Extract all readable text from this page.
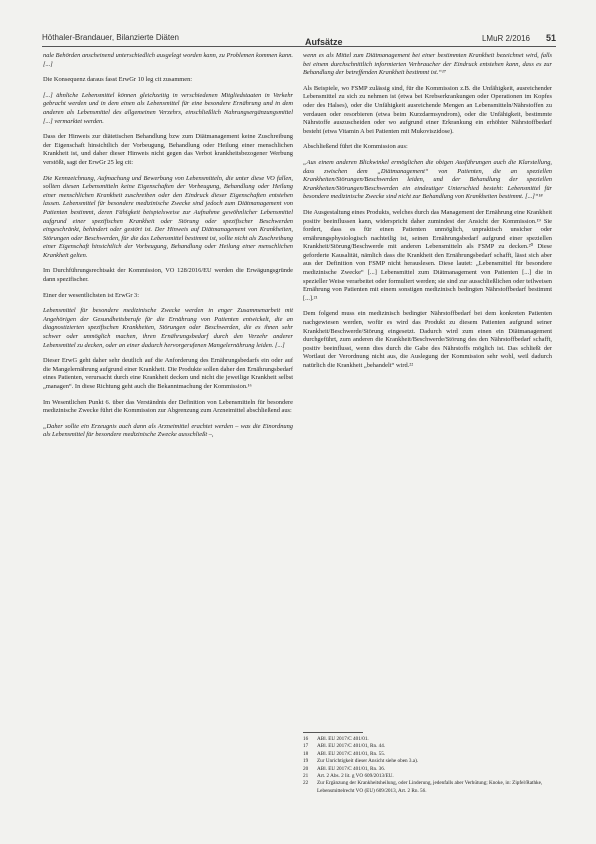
Höthaler-Brandauer, Bilanzierte Diäten	Aufsätze	LMuR 2/2016 51

nale Behörden anscheinend unterschiedlich ausgelegt worden kann, zu Problemen kommen kann. [...]

Die Konsequenz daraus fasst ErwGr 10 leg cit zusammen:

[...] ähnliche Lebensmittel können gleichzeitig in verschiedenen Mitgliedstaaten in Verkehr gebracht werden und in dem einen als Lebensmittel für eine besondere Ernährung und in dem anderen als Lebensmittel des allgemeinen Verzehrs, einschließlich Nahrungsergänzungsmittel [...] vermarktet werden.

Dass der Hinweis zur diätetischen Behandlung bzw zum Diätmanagement keine Zuschreibung der Eigenschaft hinsichtlich der Vorbeugung, Behandlung oder Heilung einer menschlichen Krankheit ist, und daher dieser Hinweis nicht gegen das Verbot krankheitsbezogener Werbung verstößt, sagt der ErwGr 25 leg cit:

Die Kennzeichnung, Aufmachung und Bewerbung von Lebensmitteln, die unter diese VO fallen, sollten diesen Lebensmitteln keine Eigenschaften der Vorbeugung, Behandlung oder Heilung einer menschlichen Krankheit zuschreiben oder den Eindruck dieser Eigenschaften entstehen lassen. Lebensmittel für besondere medizinische Zwecke sind jedoch zum Diätmanagement von Patienten bestimmt, deren Fähigkeit beispielsweise zur Aufnahme gewöhnlicher Lebensmittel aufgrund einer spezifischen Krankheit oder Störung oder spezifischer Beschwerden eingeschränkt, behindert oder gestört ist. Der Hinweis auf Diätmanagement von Krankheiten, Störungen oder Beschwerden, für die das Lebensmittel bestimmt ist, sollte nicht als Zuschreibung einer Eigenschaft hinsichtlich der Vorbeugung, Behandlung oder Heilung einer menschlichen Krankheit gelten.

Im Durchführungsrechtsakt der Kommission, VO 128/2016/EU werden die Erwägungsgründe dann spezifischer.

Einer der wesentlichsten ist ErwGr 3:

Lebensmittel für besondere medizinische Zwecke werden in enger Zusammenarbeit mit Angehörigen der Gesundheitsberufe für die Ernährung von Patienten entwickelt, die an diagnostizierten spezifischen Krankheiten, Störungen oder Beschwerden, die es ihnen sehr schwer oder unmöglich machen, ihren Ernährungsbedarf durch den Verzehr anderer Lebensmittel zu decken, oder an einer dadurch hervorgerufenen Mangelernährung leiden. [...]

Dieser ErwG geht daher sehr deutlich auf die Anforderung des Ernährungsbedarfs ein oder auf die Mangelernährung aufgrund einer Krankheit. Die Produkte sollen daher den Ernährungsbedarf eines Patienten, verursacht durch eine Krankheit decken und nicht die jeweilige Krankheit selbst „managen“. In diese Richtung geht auch die Bekanntmachung der Kommission.¹⁶

Im Wesentlichen Punkt 6. über das Verständnis der Definition von Lebensmitteln für besondere medizinische Zwecke führt die Kommission zur Abgrenzung zum Arzneimittel abschließend aus:

„Daher sollte ein Erzeugnis auch dann als Arzneimittel erachtet werden – was die Einordnung als Lebensmittel für besondere medizinische Zwecke ausschließt –,

wenn es als Mittel zum Diätmanagement bei einer bestimmten Krankheit bezeichnet wird, falls bei einem durchschnittlich informierten Verbraucher der Eindruck entstehen kann, dass es zur Behandlung der betreffenden Krankheit bestimmt ist.“¹⁷

Als Beispiele, wo FSMP zulässig sind, für die Kommission z.B. die Unfähigkeit, ausreichender Lebensmittel zu sich zu nehmen ist (etwa bei Krebserkrankungen oder Operationen im Kopfes oder des Halses), oder die Unfähigkeit ausreichende Mengen an Lebensmitteln/Nährstoffen zu verdauen oder resorbieren (etwa beim Kurzdarmsyndrom), oder die Unfähigkeit, bestimmte Nährstoffe auszuscheiden oder wo aufgrund einer Erkrankung ein erhöhter Nährstoffbedarf besteht (etwa Vitamin A bei Patienten mit Mukoviszidose).

Abschließend führt die Kommission aus:

„Aus einem anderen Blickwinkel ermöglichen die obigen Ausführungen auch die Klarstellung, dass zwischen dem „Diätmanagement“ von Patienten, die an speziellen Krankheiten/Störungen/Beschwerden leiden, und der Behandlung der speziellen Krankheiten/Störungen/Beschwerden ein eindeutiger Unterschied besteht: Lebensmittel für besondere medizinische Zwecke sind nicht zur Behandlung von Krankheiten bestimmt. [...]“¹⁸

Die Ausgestaltung eines Produkts, welches durch das Management der Ernährung eine Krankheit positiv beeinflussen kann, widerspricht daher zumindest der Ansicht der Kommission.¹⁹ Sie fordert, dass es für einen Patienten unmöglich, unpraktisch unsicher oder ernährungsphysiologisch nachteilig ist, seinen Ernährungsbedarf aufgrund einer speziellen Krankheit/Störung/Beschwerde mit anderen Lebensmitteln als FSMP zu decken.²⁰ Diese geforderte Kausalität, nämlich dass die Krankheit den Ernährungsbedarf schafft, lässt sich aber aus der Definition von FSMP nicht herauslesen. Diese lautet: „Lebensmittel für besondere medizinische Zwecke“ [...] Lebensmittel zum Diätmanagement von Patienten [...] die in spezieller Weise verarbeitet oder formuliert werden; sie sind zur ausschließlichen oder teilweisen Ernährung von Patienten mit einem sonstigen medizinisch bedingten Nährstoffbedarf bestimmt [...].²¹

Dem folgend muss ein medizinisch bedingter Nährstoffbedarf bei dem konkreten Patienten nachgewiesen werden, wofür es wird das Produkt zu diesem Patienten aufgrund seiner Krankheit/Beschwerde/Störung eingesetzt. Dadurch wird zum einen ein Diätmanagement durchgeführt, zum anderen die Krankheit/Beschwerde/Störung des den Nährstoffbedarf schafft, positiv beeinflusst, wenn dies durch die Gabe des Nährstoffs möglich ist. Das schließt der Wortlaut der Verordnung nicht aus, die Auslegung der Kommission sehr wohl, weil dadurch natürlich die Krankheit „behandelt“ wird.²²

16	ABl. EU 2017/C 401/01.
17	ABl. EU 2017/C 401/01, Rn. 44.
18	ABl. EU 2017/C 401/01, Rn. 55.
19	Zur Unrichtigkeit dieser Ansicht siehe oben 3.a).
20	ABl. EU 2017/C 401/01, Rn. 36.
21	Art. 2 Abs. 2 lit. g VO 609/2013/EU.
22	Zur Ergänzung der Krankheitsheilung, oder Linderung, jedenfalls aber Verhütung; Knoke, in: Zipfel/Rathke, Lebensmittelrecht VO (EU) 609/2013, Art. 2 Rn. 56.
